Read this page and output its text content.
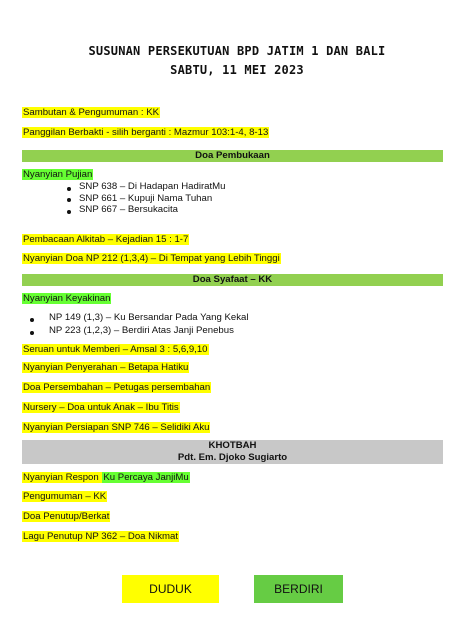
SUSUNAN PERSEKUTUAN BPD JATIM 1 DAN BALI
SABTU, 11 MEI 2023
Sambutan & Pengumuman : KK
Panggilan Berbakti - silih berganti : Mazmur 103:1-4, 8-13
Doa Pembukaan
Nyanyian Pujian
SNP 638 – Di Hadapan HadiratMu
SNP 661 – Kupuji Nama Tuhan
SNP 667 – Bersukacita
Pembacaan Alkitab – Kejadian 15 : 1-7
Nyanyian Doa NP 212 (1,3,4) – Di Tempat yang Lebih Tinggi
Doa Syafaat – KK
Nyanyian Keyakinan
NP 149 (1,3) – Ku Bersandar Pada Yang Kekal
NP 223 (1,2,3) – Berdiri Atas Janji Penebus
Seruan untuk Memberi – Amsal 3 : 5,6,9,10
Nyanyian Penyerahan – Betapa Hatiku
Doa Persembahan – Petugas persembahan
Nursery – Doa untuk Anak – Ibu Titis
Nyanyian Persiapan SNP 746 – Selidiki Aku
KHOTBAH
Pdt. Em. Djoko Sugiarto
Nyanyian Respon Ku Percaya JanjiMu
Pengumuman – KK
Doa Penutup/Berkat
Lagu Penutup NP 362 – Doa Nikmat
DUDUK	BERDIRI
